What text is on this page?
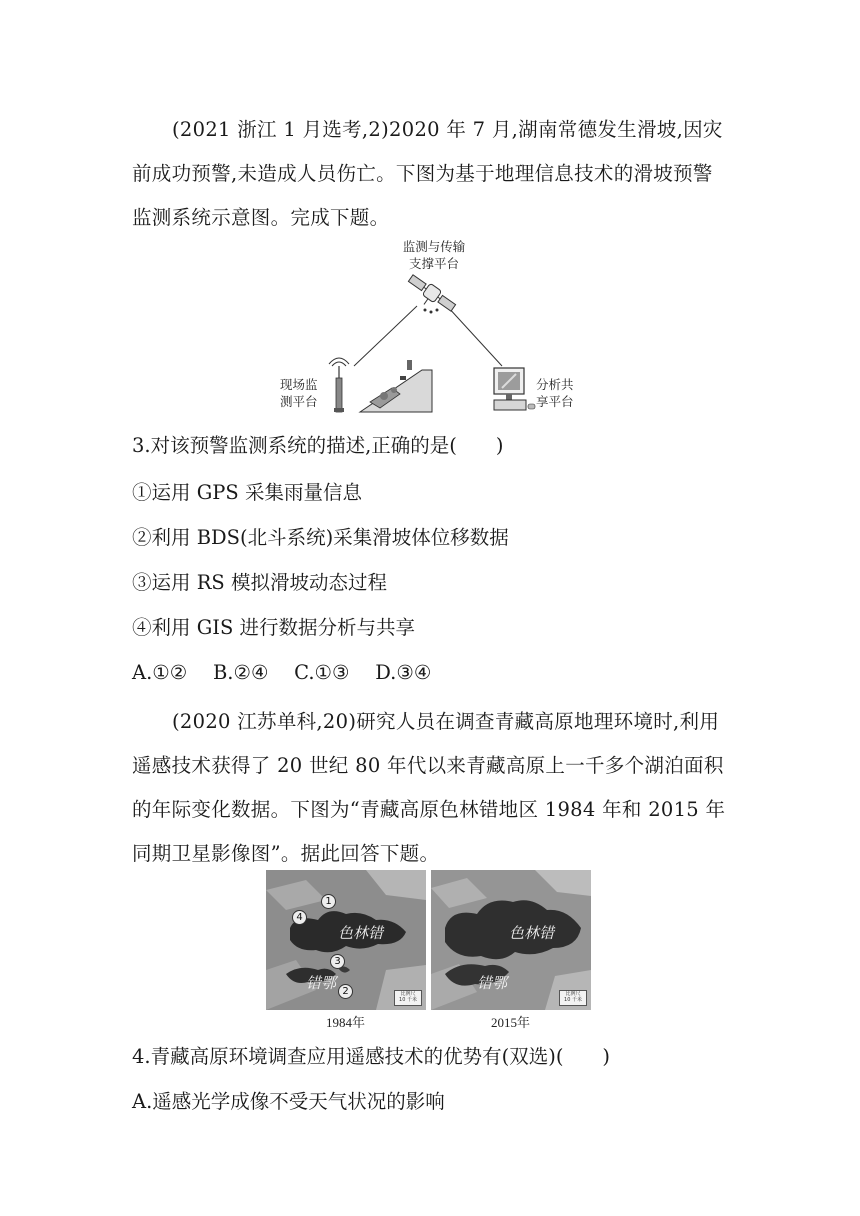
(2021 浙江 1 月选考,2)2020 年 7 月,湖南常德发生滑坡,因灾前成功预警,未造成人员伤亡。下图为基于地理信息技术的滑坡预警监测系统示意图。完成下题。
监测与传输
支撑平台
现场监
测平台
分析共
享平台
3.对该预警监测系统的描述,正确的是(　　)
①运用 GPS 采集雨量信息
②利用 BDS(北斗系统)采集滑坡体位移数据
③运用 RS 模拟滑坡动态过程
④利用 GIS 进行数据分析与共享
A.①②　 B.②④　 C.①③　 D.③④
(2020 江苏单科,20)研究人员在调查青藏高原地理环境时,利用遥感技术获得了 20 世纪 80 年代以来青藏高原上一千多个湖泊面积的年际变化数据。下图为“青藏高原色林错地区 1984 年和 2015 年同期卫星影像图”。据此回答下题。
色林错
错鄂
1
2
3
4
比例尺
10 千米
色林错
错鄂
比例尺
10 千米
1984年	2015年
4.青藏高原环境调查应用遥感技术的优势有(双选)(　　)
A.遥感光学成像不受天气状况的影响
